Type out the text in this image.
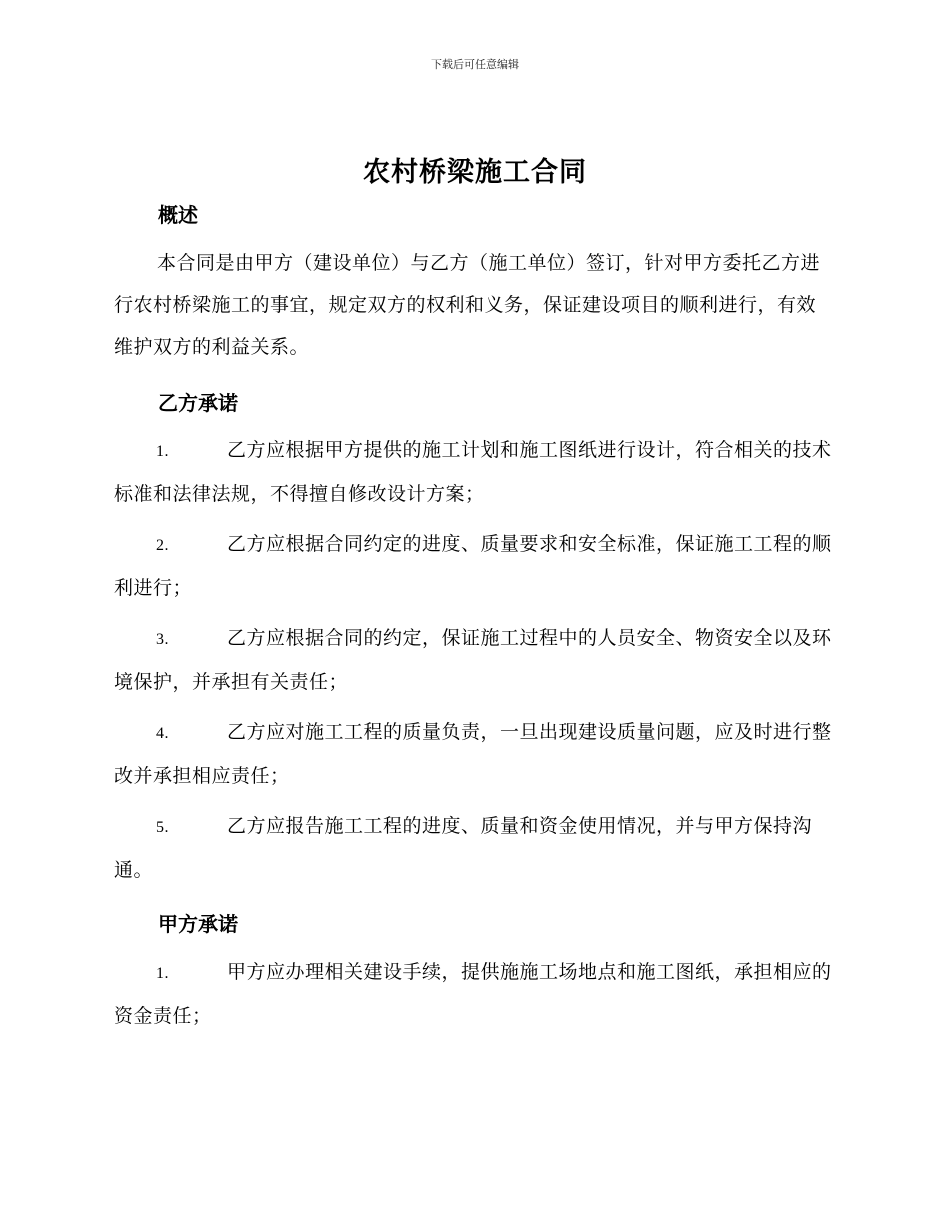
下载后可任意编辑
农村桥梁施工合同
概述

本合同是由甲方（建设单位）与乙方（施工单位）签订，针对甲方委托乙方进行农村桥梁施工的事宜，规定双方的权利和义务，保证建设项目的顺利进行，有效维护双方的利益关系。

乙方承诺
1.	乙方应根据甲方提供的施工计划和施工图纸进行设计，符合相关的技术标准和法律法规，不得擅自修改设计方案；
2.	乙方应根据合同约定的进度、质量要求和安全标准，保证施工工程的顺利进行；
3.	乙方应根据合同的约定，保证施工过程中的人员安全、物资安全以及环境保护，并承担有关责任；
4.	乙方应对施工工程的质量负责，一旦出现建设质量问题，应及时进行整改并承担相应责任；
5.	乙方应报告施工工程的进度、质量和资金使用情况，并与甲方保持沟通。
甲方承诺
1.	甲方应办理相关建设手续，提供施施工场地点和施工图纸，承担相应的资金责任；
